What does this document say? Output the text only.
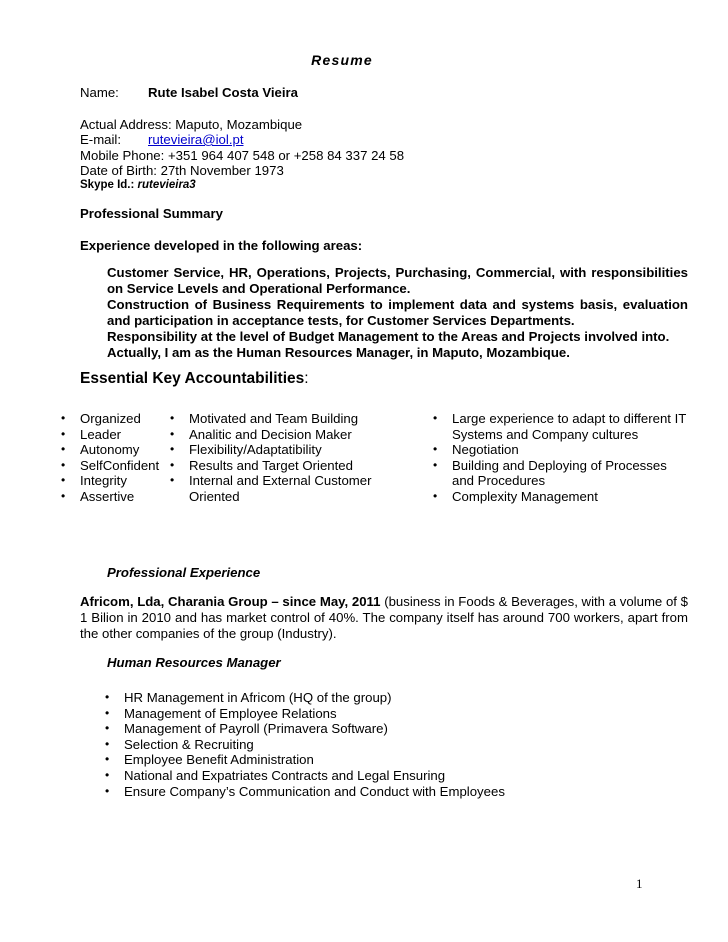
Resume
Name: Rute Isabel Costa Vieira
Actual Address: Maputo, Mozambique
E-mail: rutevieira@iol.pt
Mobile Phone: +351 964 407 548 or +258 84 337 24 58
Date of Birth: 27th November 1973
Skype Id.: rutevieira3
Professional Summary
Experience developed in the following areas:

Customer Service, HR, Operations, Projects, Purchasing, Commercial, with responsibilities on Service Levels and Operational Performance.

Construction of Business Requirements to implement data and systems basis, evaluation and participation in acceptance tests, for Customer Services Departments.

Responsibility at the level of Budget Management to the Areas and Projects involved into.

Actually, I am as the Human Resources Manager, in Maputo, Mozambique.

Essential Key Accountabilities:
• Organized
• Leader
• Autonomy
• SelfConfident
• Integrity
• Assertive
• Motivated and Team Building
• Analitic and Decision Maker
• Flexibility/Adaptatibility
• Results and Target Oriented
• Internal and External Customer
Oriented
• Large experience to adapt to different IT
Systems and Company cultures
• Negotiation
• Building and Deploying of Processes
and Procedures
• Complexity Management
Professional Experience
Africom, Lda, Charania Group – since May, 2011 (business in Foods & Beverages, with a volume of $ 1 Bilion in 2010 and has market control of 40%. The company itself has around 700 workers, apart from the other companies of the group (Industry).
Human Resources Manager
• HR Management in Africom (HQ of the group)
• Management of Employee Relations
• Management of Payroll (Primavera Software)
• Selection & Recruiting
• Employee Benefit Administration
• National and Expatriates Contracts and Legal Ensuring
• Ensure Company’s Communication and Conduct with Employees
1
